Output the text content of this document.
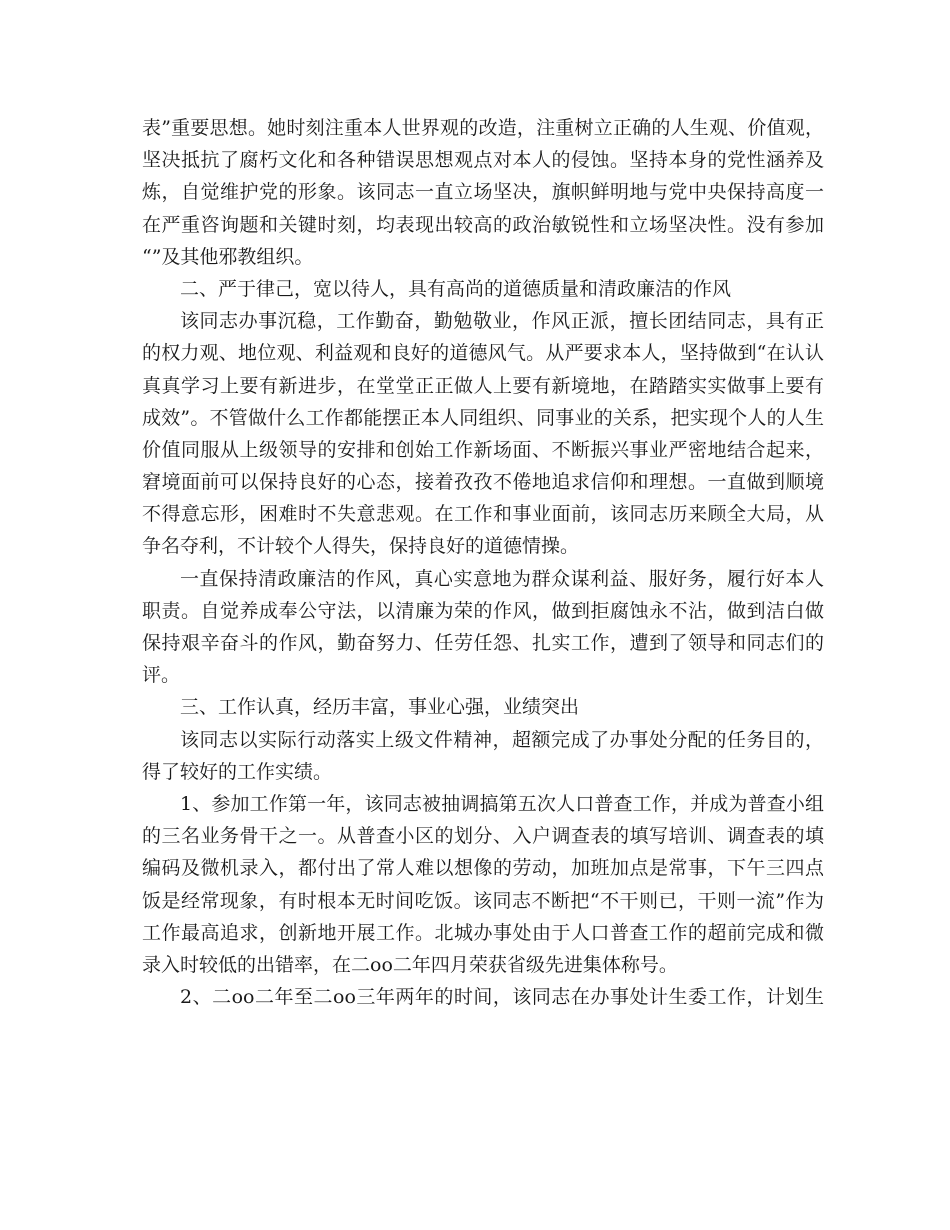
表”重要思想。她时刻注重本人世界观的改造，注重树立正确的人生观、价值观，
坚决抵抗了腐朽文化和各种错误思想观点对本人的侵蚀。坚持本身的党性涵养及
炼，自觉维护党的形象。该同志一直立场坚决，旗帜鲜明地与党中央保持高度一
在严重咨询题和关键时刻，均表现出较高的政治敏锐性和立场坚决性。没有参加
“”及其他邪教组织。
二、严于律己，宽以待人，具有高尚的道德质量和清政廉洁的作风
该同志办事沉稳，工作勤奋，勤勉敬业，作风正派，擅长团结同志，具有正
的权力观、地位观、利益观和良好的道德风气。从严要求本人，坚持做到“在认认
真真学习上要有新进步，在堂堂正正做人上要有新境地，在踏踏实实做事上要有
成效”。不管做什么工作都能摆正本人同组织、同事业的关系，把实现个人的人生
价值同服从上级领导的安排和创始工作新场面、不断振兴事业严密地结合起来，
窘境面前可以保持良好的心态，接着孜孜不倦地追求信仰和理想。一直做到顺境
不得意忘形，困难时不失意悲观。在工作和事业面前，该同志历来顾全大局，从
争名夺利，不计较个人得失，保持良好的道德情操。
一直保持清政廉洁的作风，真心实意地为群众谋利益、服好务，履行好本人
职责。自觉养成奉公守法，以清廉为荣的作风，做到拒腐蚀永不沾，做到洁白做
保持艰辛奋斗的作风，勤奋努力、任劳任怨、扎实工作，遭到了领导和同志们的
评。
三、工作认真，经历丰富，事业心强，业绩突出
该同志以实际行动落实上级文件精神，超额完成了办事处分配的任务目的，
得了较好的工作实绩。
1、参加工作第一年，该同志被抽调搞第五次人口普查工作，并成为普查小组
的三名业务骨干之一。从普查小区的划分、入户调查表的填写培训、调查表的填
编码及微机录入，都付出了常人难以想像的劳动，加班加点是常事，下午三四点
饭是经常现象，有时根本无时间吃饭。该同志不断把“不干则已，干则一流”作为
工作最高追求，创新地开展工作。北城办事处由于人口普查工作的超前完成和微
录入时较低的出错率，在二oo二年四月荣获省级先进集体称号。
2、二oo二年至二oo三年两年的时间，该同志在办事处计生委工作，计划生
